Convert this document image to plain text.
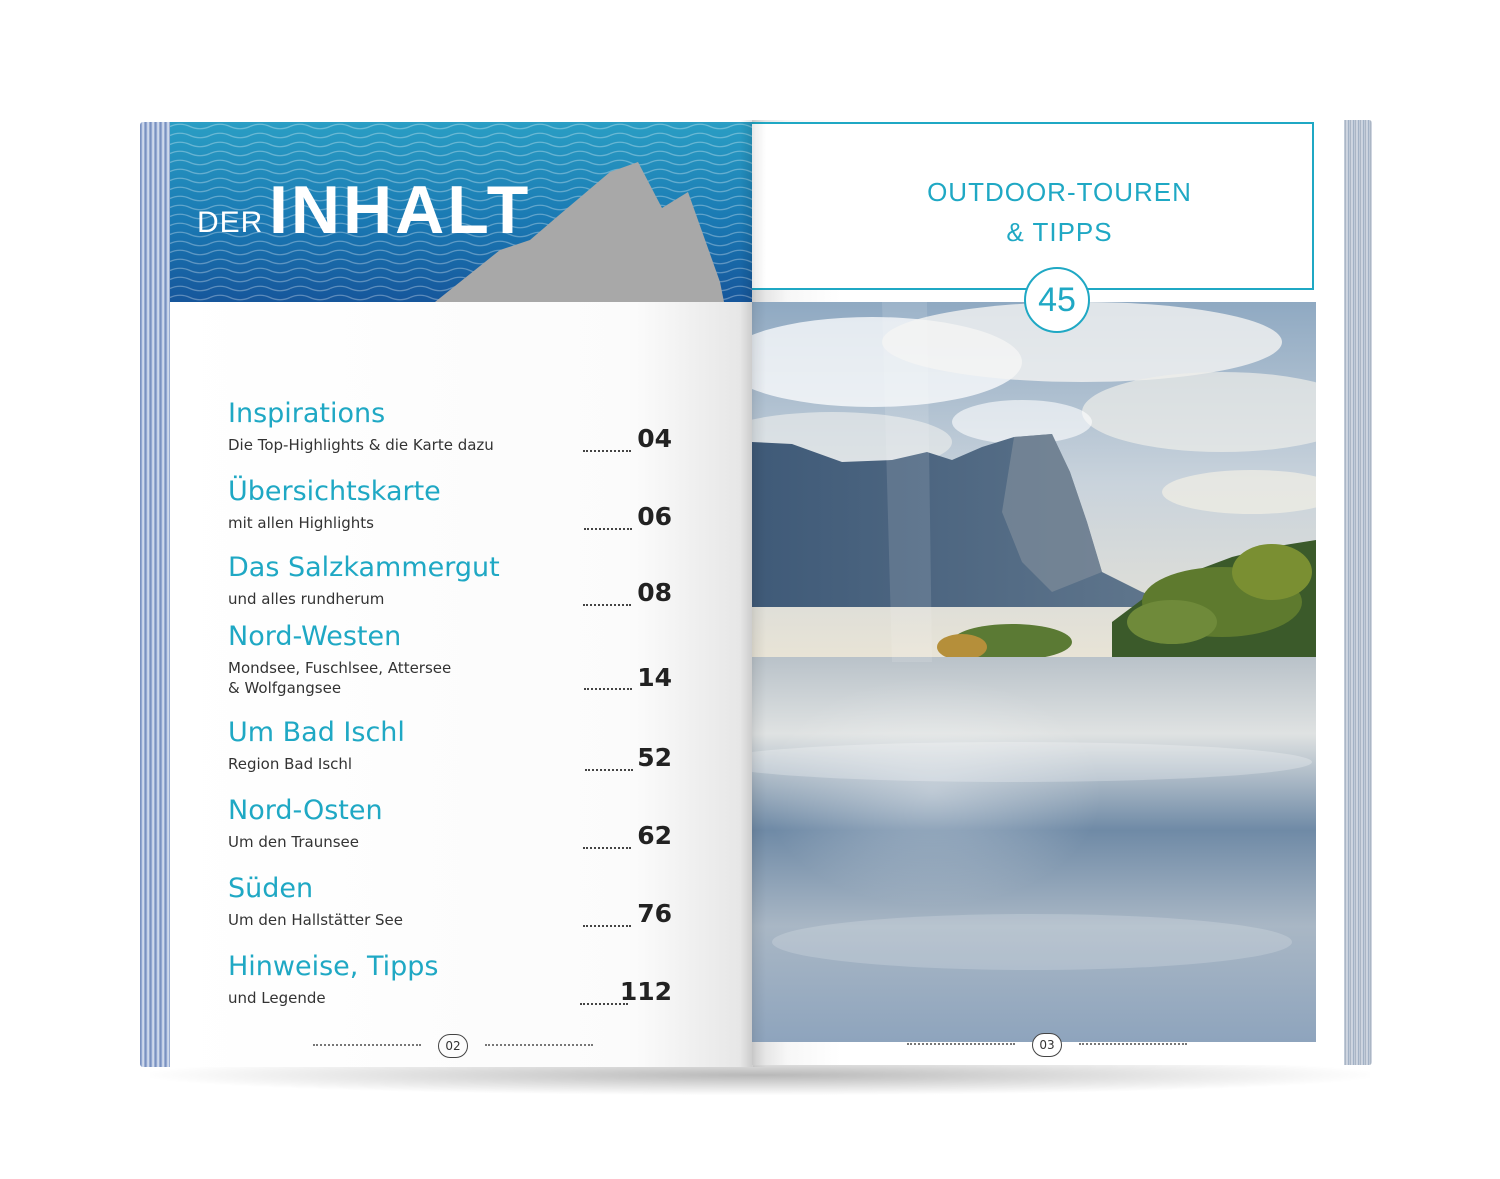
DER INHALT
Inspirations
Die Top-Highlights & die Karte dazu	04
Übersichtskarte
mit allen Highlights	06
Das Salzkammergut
und alles rundherum	08
Nord-Westen
Mondsee, Fuschlsee, Attersee
& Wolfgangsee	14
Um Bad Ischl
Region Bad Ischl	52
Nord-Osten
Um den Traunsee	62
Süden
Um den Hallstätter See	76
Hinweise, Tipps
und Legende	112
02
OUTDOOR-TOUREN
& TIPPS
45
03
